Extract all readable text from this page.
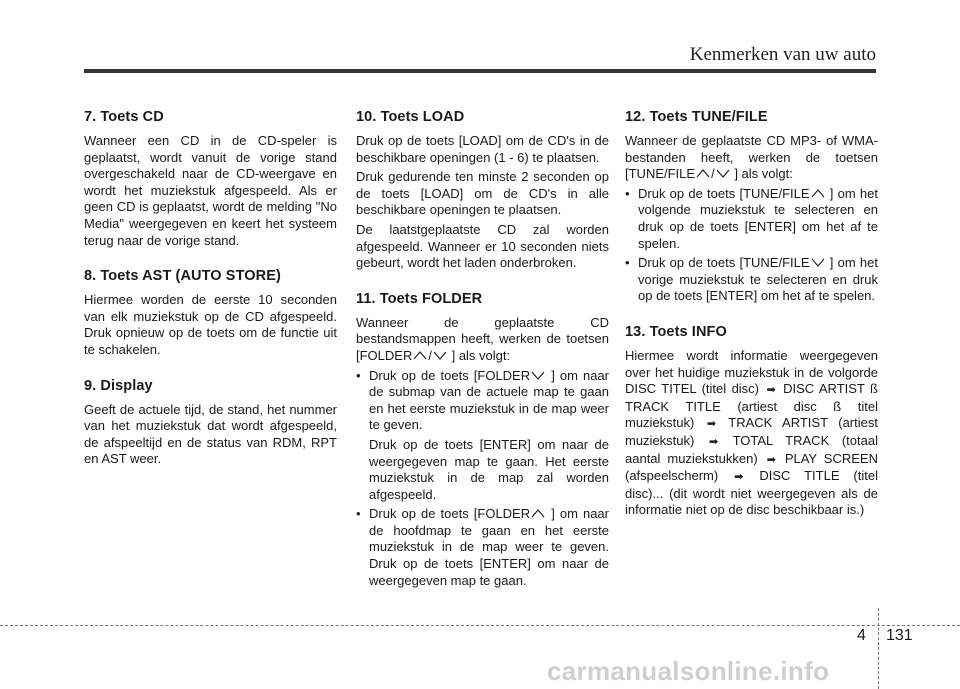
Kenmerken van uw auto
7. Toets CD

Wanneer een CD in de CD-speler is geplaatst, wordt vanuit de vorige stand overgeschakeld naar de CD-weergave en wordt het muziekstuk afgespeeld. Als er geen CD is geplaatst, wordt de melding "No Media" weergegeven en keert het systeem terug naar de vorige stand.

8. Toets AST (AUTO STORE)

Hiermee worden de eerste 10 seconden van elk muziekstuk op de CD afgespeeld. Druk opnieuw op de toets om de functie uit te schakelen.

9. Display

Geeft de actuele tijd, de stand, het nummer van het muziekstuk dat wordt afgespeeld, de afspeeltijd en de status van RDM, RPT en AST weer.

10. Toets LOAD

Druk op de toets [LOAD] om de CD's in de beschikbare openingen (1 - 6) te plaatsen.

Druk gedurende ten minste 2 seconden op de toets [LOAD] om de CD's in alle beschikbare openingen te plaatsen.

De laatstgeplaatste CD zal worden afgespeeld. Wanneer er 10 seconden niets gebeurt, wordt het laden onderbroken.

11. Toets FOLDER

Wanneer de geplaatste CD bestandsmappen heeft, werken de toetsen [FOLDER / ] als volgt:

• Druk op de toets [FOLDER ] om naar de submap van de actuele map te gaan en het eerste muziekstuk in de map weer te geven.

Druk op de toets [ENTER] om naar de weergegeven map te gaan. Het eerste muziekstuk in de map zal worden afgespeeld.

• Druk op de toets [FOLDER ] om naar de hoofdmap te gaan en het eerste muziekstuk in de map weer te geven. Druk op de toets [ENTER] om naar de weergegeven map te gaan.
12. Toets TUNE/FILE

Wanneer de geplaatste CD MP3- of WMA-bestanden heeft, werken de toetsen [TUNE/FILE / ] als volgt:

• Druk op de toets [TUNE/FILE ] om het volgende muziekstuk te selecteren en druk op de toets [ENTER] om het af te spelen.
• Druk op de toets [TUNE/FILE ] om het vorige muziekstuk te selecteren en druk op de toets [ENTER] om het af te spelen.
13. Toets INFO

Hiermee wordt informatie weergegeven over het huidige muziekstuk in de volgorde DISC TITEL (titel disc) ➡ DISC ARTIST ß TRACK TITLE (artiest disc ß titel muziekstuk) ➡ TRACK ARTIST (artiest muziekstuk) ➡ TOTAL TRACK (totaal aantal muziekstukken) ➡ PLAY SCREEN (afspeelscherm) ➡ DISC TITLE (titel disc)... (dit wordt niet weergegeven als de informatie niet op de disc beschikbaar is.)

4 131
carmanualsonline.info
